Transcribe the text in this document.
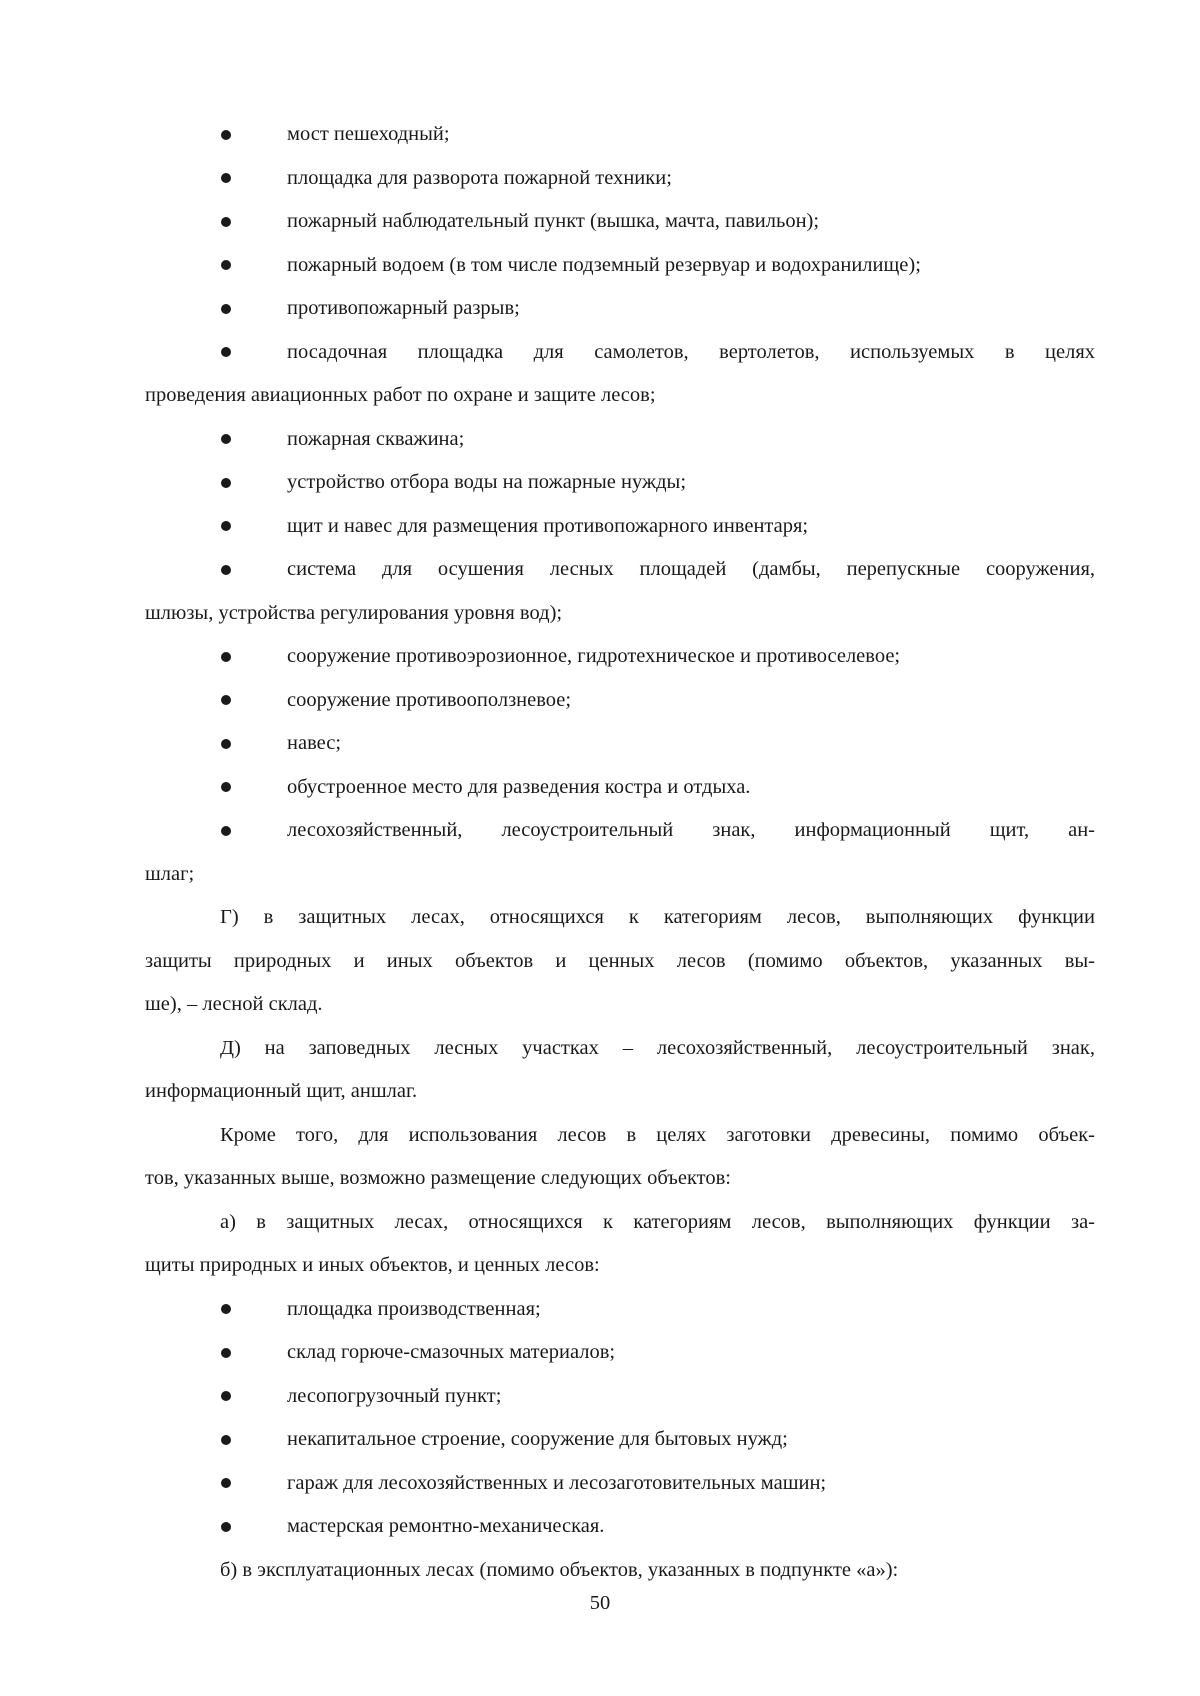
мост пешеходный;
площадка для разворота пожарной техники;
пожарный наблюдательный пункт (вышка, мачта, павильон);
пожарный водоем (в том числе подземный резервуар и водохранилище);
противопожарный разрыв;
посадочная площадка для самолетов, вертолетов, используемых в целях
проведения авиационных работ по охране и защите лесов;
пожарная скважина;
устройство отбора воды на пожарные нужды;
щит и навес для размещения противопожарного инвентаря;
система для осушения лесных площадей (дамбы, перепускные сооружения,
шлюзы, устройства регулирования уровня вод);
сооружение противоэрозионное, гидротехническое и противоселевое;
сооружение противооползневое;
навес;
обустроенное место для разведения костра и отдыха.
лесохозяйственный, лесоустроительный знак, информационный щит, ан-
шлаг;
Г) в защитных лесах, относящихся к категориям лесов, выполняющих функции
защиты природных и иных объектов и ценных лесов (помимо объектов, указанных вы-
ше), – лесной склад.
Д) на заповедных лесных участках – лесохозяйственный, лесоустроительный знак,
информационный щит, аншлаг.
Кроме того, для использования лесов в целях заготовки древесины, помимо объек-
тов, указанных выше, возможно размещение следующих объектов:
а) в защитных лесах, относящихся к категориям лесов, выполняющих функции за-
щиты природных и иных объектов, и ценных лесов:
площадка производственная;
склад горюче-смазочных материалов;
лесопогрузочный пункт;
некапитальное строение, сооружение для бытовых нужд;
гараж для лесохозяйственных и лесозаготовительных машин;
мастерская ремонтно-механическая.
б) в эксплуатационных лесах (помимо объектов, указанных в подпункте «а»):
50
